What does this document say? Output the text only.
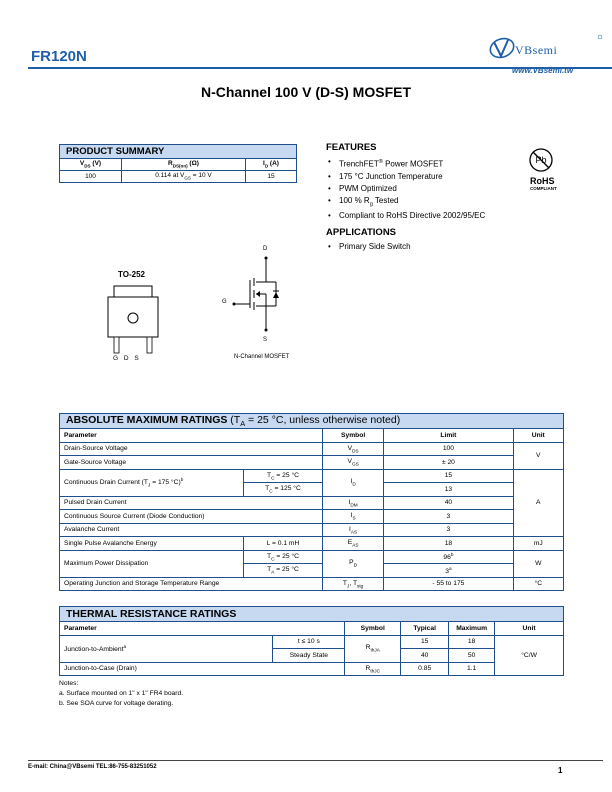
FR120N	VBsemi
www.VBsemi.tw
N-Channel 100 V (D-S) MOSFET
PRODUCT SUMMARY		
$V_{DS}$ (V)	$R_{DS(on)}$ (Ω)	$I_D$ (A)
100	0.114 at $V_{GS} = 10$ V	15
FEATURES
• TrenchFET® Power MOSFET
• 175 °C Junction Temperature
• PWM Optimized
• 100 % $R_g$ Tested
• Compliant to RoHS Directive 2002/95/EC
APPLICATIONS
• Primary Side Switch
Pb
RoHS
COMPLIANT
TO-252
G D S
D
G
S
N-Channel MOSFET
ABSOLUTE MAXIMUM RATINGS ($T_A = 25$ °C, unless otherwise noted)				
Parameter		Symbol	Limit	Unit
Drain-Source Voltage		$V_{DS}$	100	V
Gate-Source Voltage		$V_{GS}$	± 20	
Continuous Drain Current ($T_J = 175$ °C)$^b$	$T_C = 25$ °C	$I_D$	15	A
	$T_C = 125$ °C		13	
Pulsed Drain Current		$I_{DM}$	40	
Continuous Source Current (Diode Conduction)		$I_S$	3	
Avalanche Current		$I_{AS}$	3	
Single Pulse Avalanche Energy	L = 0.1 mH	$E_{AS}$	18	mJ
Maximum Power Dissipation	$T_C = 25$ °C	$P_D$	96$^b$	W
	$T_A = 25$ °C		3$^a$
Operating Junction and Storage Temperature Range		$T_J$, $T_{stg}$	- 55 to 175	°C
THERMAL RESISTANCE RATINGS					
Parameter		Symbol	Typical	Maximum	Unit
Junction-to-Ambient$^a$	t ≤ 10 s	$R_{thJA}$	15	18	°C/W
	Steady State		40	50	
Junction-to-Case (Drain)		$R_{thJC}$	0.85	1.1	
Notes:
a. Surface mounted on 1" x 1" FR4 board.
b. See SOA curve for voltage derating.
E-mail: China@VBsemi TEL:86-755-83251052	1
